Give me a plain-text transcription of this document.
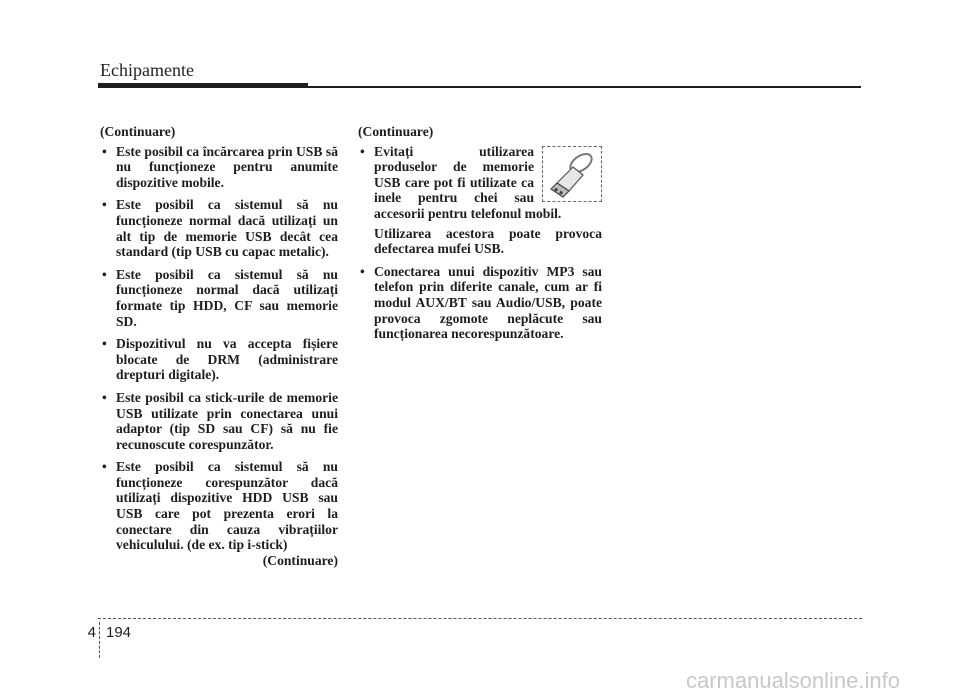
Echipamente
(Continuare)
• Este posibil ca încărcarea prin USB să nu funcționeze pentru anumite dispozitive mobile.
• Este posibil ca sistemul să nu funcționeze normal dacă utilizați un alt tip de memorie USB decât cea standard (tip USB cu capac metalic).
• Este posibil ca sistemul să nu funcționeze normal dacă utilizați formate tip HDD, CF sau memorie SD.
• Dispozitivul nu va accepta fișiere blocate de DRM (administrare drepturi digitale).
• Este posibil ca stick-urile de memorie USB utilizate prin conectarea unui adaptor (tip SD sau CF) să nu fie recunoscute corespunzător.
• Este posibil ca sistemul să nu funcționeze corespunzător dacă utilizați dispozitive HDD USB sau USB care pot prezenta erori la conectare din cauza vibrațiilor vehiculului. (de ex. tip i-stick)
(Continuare)
(Continuare)
• Evitați utilizarea produselor de memorie USB care pot fi utilizate ca inele pentru chei sau accesorii pentru telefonul mobil.
Utilizarea acestora poate provoca defectarea mufei USB.
• Conectarea unui dispozitiv MP3 sau telefon prin diferite canale, cum ar fi modul AUX/BT sau Audio/USB, poate provoca zgomote neplăcute sau funcționarea necorespunzătoare.
4 194
carmanualsonline.info
